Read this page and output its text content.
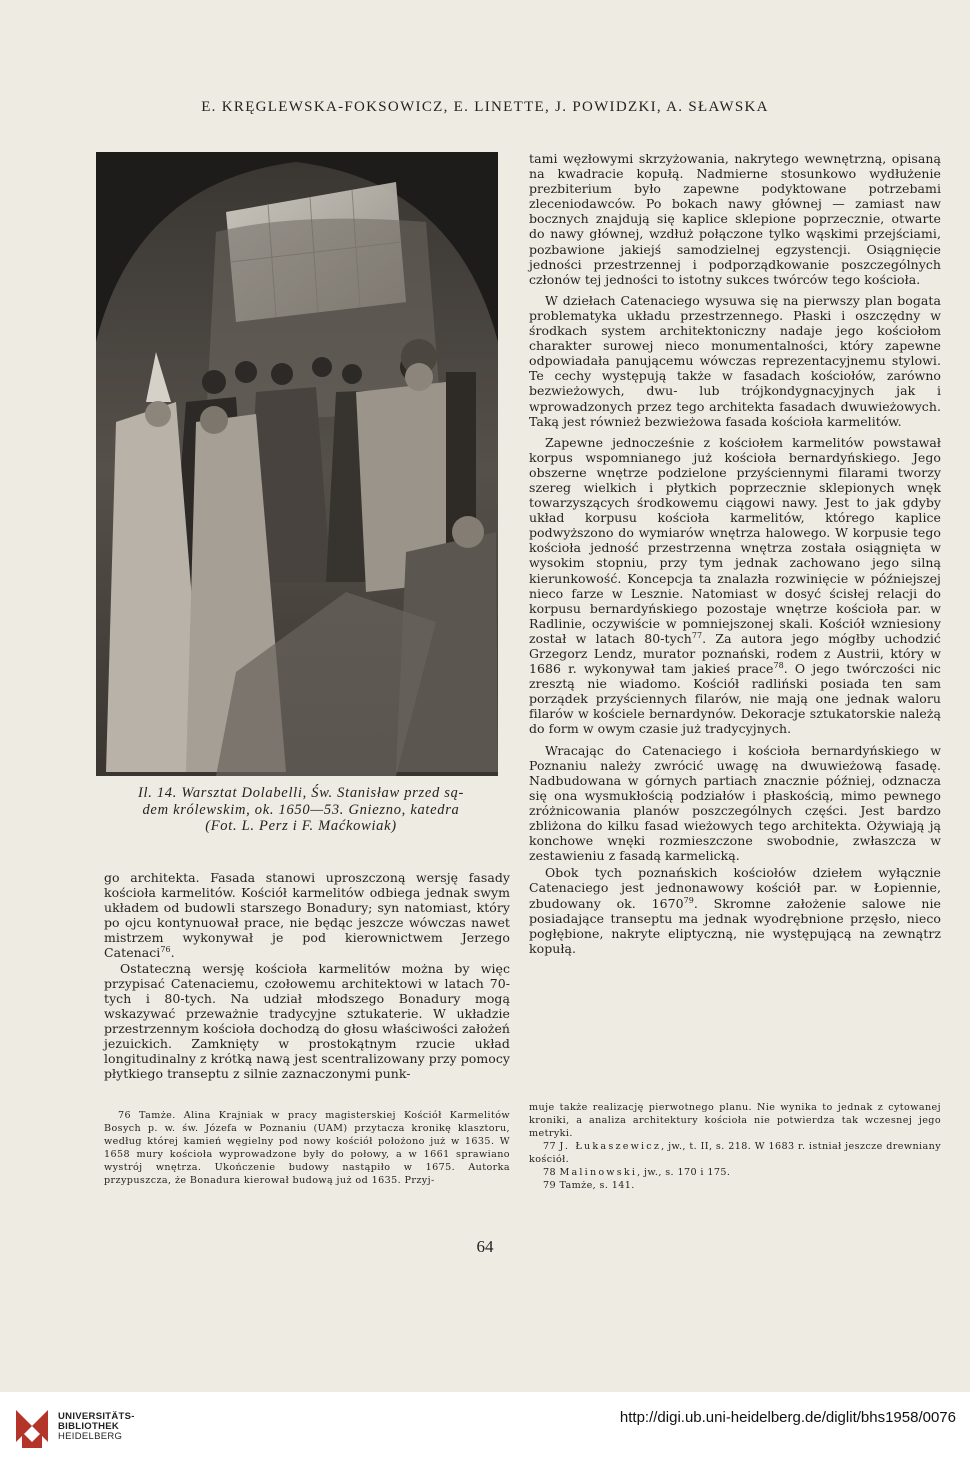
E. KRĘGLEWSKA-FOKSOWICZ, E. LINETTE, J. POWIDZKI, A. SŁAWSKA
Il. 14. Warsztat Dolabelli, Św. Stanisław przed są-
dem królewskim, ok. 1650—53. Gniezno, katedra
(Fot. L. Perz i F. Maćkowiak)

go architekta. Fasada stanowi uproszczoną wersję fasady kościoła karmelitów. Kościół karmelitów odbiega jednak swym układem od budowli starszego Bonadury; syn natomiast, który po ojcu kontynuował prace, nie będąc jeszcze wówczas nawet mistrzem wykonywał je pod kierownictwem Jerzego Catenaci$^{76}$.

Ostateczną wersję kościoła karmelitów można by więc przypisać Catenaciemu, czołowemu architektowi w latach 70-tych i 80-tych. Na udział młodszego Bonadury mogą wskazywać przeważnie tradycyjne sztukaterie. W układzie przestrzennym kościoła dochodzą do głosu właściwości założeń jezuickich. Zamknięty w prostokątnym rzucie układ longitudinalny z krótką nawą jest scentralizowany przy pomocy płytkiego transeptu z silnie zaznaczonymi punk-

76 Tamże. Alina Krajniak w pracy magisterskiej Kościół Karmelitów Bosych p. w. św. Józefa w Poznaniu (UAM) przytacza kronikę klasztoru, według której kamień węgielny pod nowy kościół położono już w 1635. W 1658 mury kościoła wyprowadzone były do połowy, a w 1661 sprawiano wystrój wnętrza. Ukończenie budowy nastąpiło w 1675. Autorka przypuszcza, że Bonadura kierował budową już od 1635. Przyj-

tami węzłowymi skrzyżowania, nakrytego wewnętrzną, opisaną na kwadracie kopułą. Nadmierne stosunkowo wydłużenie prezbiterium było zapewne podyktowane potrzebami zleceniodawców. Po bokach nawy głównej — zamiast naw bocznych znajdują się kaplice sklepione poprzecznie, otwarte do nawy głównej, wzdłuż połączone tylko wąskimi przejściami, pozbawione jakiejś samodzielnej egzystencji. Osiągnięcie jedności przestrzennej i podporządkowanie poszczególnych członów tej jedności to istotny sukces twórców tego kościoła.

W dziełach Catenaciego wysuwa się na pierwszy plan bogata problematyka układu przestrzennego. Płaski i oszczędny w środkach system architektoniczny nadaje jego kościołom charakter surowej nieco monumentalności, który zapewne odpowiadała panującemu wówczas reprezentacyjnemu stylowi. Te cechy występują także w fasadach kościołów, zarówno bezwieżowych, dwu- lub trójkondygnacyjnych jak i wprowadzonych przez tego architekta fasadach dwuwieżowych. Taką jest również bezwieżowa fasada kościoła karmelitów.

Zapewne jednocześnie z kościołem karmelitów powstawał korpus wspomnianego już kościoła bernardyńskiego. Jego obszerne wnętrze podzielone przyściennymi filarami tworzy szereg wielkich i płytkich poprzecznie sklepionych wnęk towarzyszących środkowemu ciągowi nawy. Jest to jak gdyby układ korpusu kościoła karmelitów, którego kaplice podwyższono do wymiarów wnętrza halowego. W korpusie tego kościoła jedność przestrzenna wnętrza została osiągnięta w wysokim stopniu, przy tym jednak zachowano jego silną kierunkowość. Koncepcja ta znalazła rozwinięcie w późniejszej nieco farze w Lesznie. Natomiast w dosyć ścisłej relacji do korpusu bernardyńskiego pozostaje wnętrze kościoła par. w Radlinie, oczywiście w pomniejszonej skali. Kościół wzniesiony został w latach 80-tych$^{77}$. Za autora jego mógłby uchodzić Grzegorz Lendz, murator poznański, rodem z Austrii, który w 1686 r. wykonywał tam jakieś prace$^{78}$. O jego twórczości nic zresztą nie wiadomo. Kościół radliński posiada ten sam porządek przyściennych filarów, nie mają one jednak waloru filarów w kościele bernardynów. Dekoracje sztukatorskie należą do form w owym czasie już tradycyjnych.

Wracając do Catenaciego i kościoła bernardyńskiego w Poznaniu należy zwrócić uwagę na dwuwieżową fasadę. Nadbudowana w górnych partiach znacznie później, odznacza się ona wysmukłością podziałów i płaskością, mimo pewnego zróżnicowania planów poszczególnych części. Jest bardzo zbliżona do kilku fasad wieżowych tego architekta. Ożywiają ją konchowe wnęki rozmieszczone swobodnie, zwłaszcza w zestawieniu z fasadą karmelicką.

Obok tych poznańskich kościołów dziełem wyłącznie Catenaciego jest jednonawowy kościół par. w Łopiennie, zbudowany ok. 1670$^{79}$. Skromne założenie salowe nie posiadające transeptu ma jednak wyodrębnione przęsło, nieco pogłębione, nakryte eliptyczną, nie występującą na zewnątrz kopułą.

muje także realizację pierwotnego planu. Nie wynika to jednak z cytowanej kroniki, a analiza architektury kościoła nie potwierdza tak wczesnej jego metryki.

77 J. Łukaszewicz, jw., t. II, s. 218. W 1683 r. istniał jeszcze drewniany kościół.

78 Malinowski, jw., s. 170 i 175.

79 Tamże, s. 141.

64
UNIVERSITÄTS-
BIBLIOTHEK
HEIDELBERG
http://digi.ub.uni-heidelberg.de/diglit/bhs1958/0076
